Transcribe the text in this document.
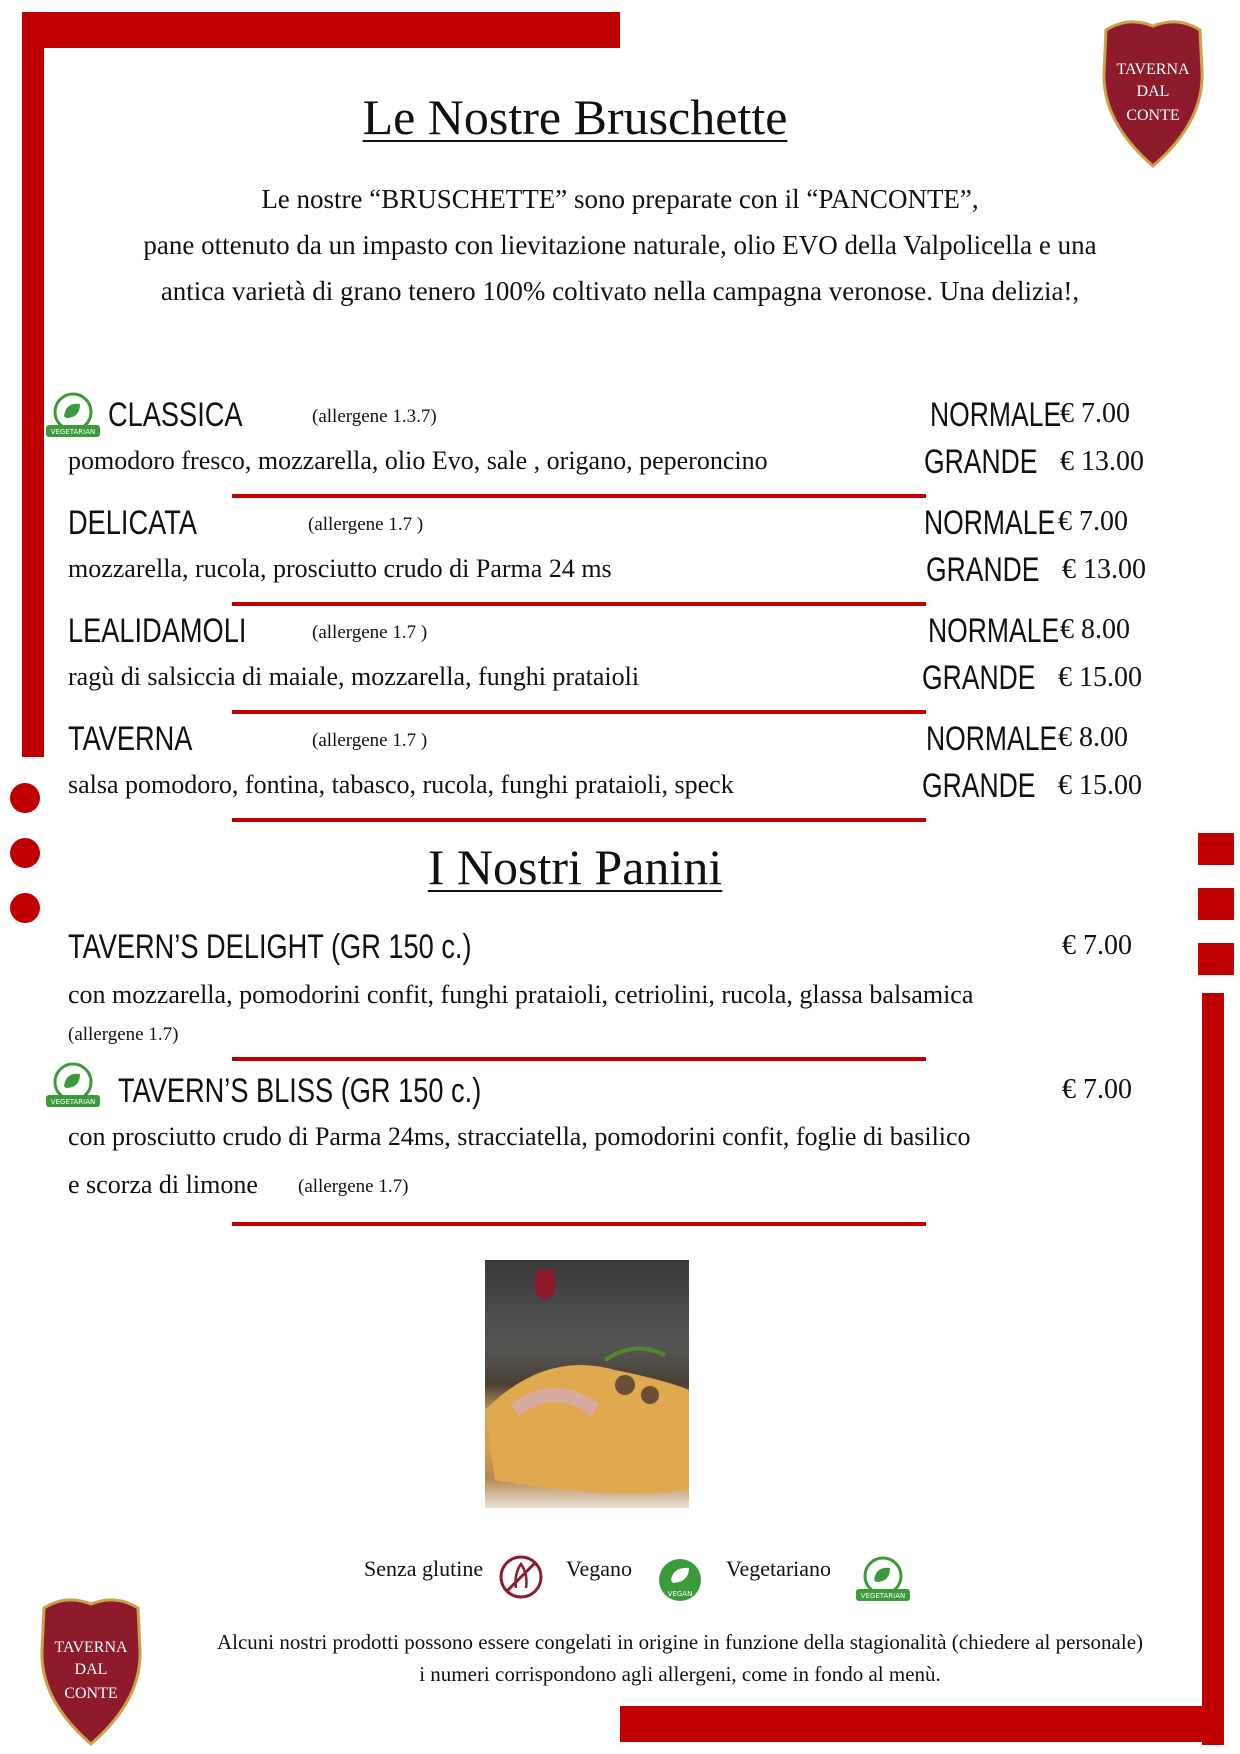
TAVERNA
DAL
CONTE
Le Nostre Bruschette
Le nostre “BRUSCHETTE” sono preparate con il “PANCONTE”,
pane ottenuto da un impasto con lievitazione naturale, olio EVO della Valpolicella e una
antica varietà di grano tenero 100% coltivato nella campagna veronose. Una delizia!,
VEGETARIAN CLASSICA	(allergene 1.3.7)
pomodoro fresco, mozzarella, olio Evo, sale , origano, peperoncino
NORMALE
€ 7.00
GRANDE € 13.00
DELICATA	(allergene 1.7 )
mozzarella, rucola, prosciutto crudo di Parma 24 ms
NORMALE € 7.00
GRANDE € 13.00
LEALIDAMOLI	(allergene 1.7 )
ragù di salsiccia di maiale, mozzarella, funghi prataioli
NORMALE € 8.00
GRANDE € 15.00
TAVERNA	(allergene 1.7 )
salsa pomodoro, fontina, tabasco, rucola, funghi prataioli, speck
NORMALE € 8.00
GRANDE € 15.00
I Nostri Panini
TAVERN’S DELIGHT (GR 150 c.)	€ 7.00
con mozzarella, pomodorini confit, funghi prataioli, cetriolini, rucola, glassa balsamica
(allergene 1.7)
VEGETARIAN TAVERN’S BLISS (GR 150 c.)	€ 7.00
con prosciutto crudo di Parma 24ms, stracciatella, pomodorini confit, foglie di basilico
e scorza di limone (allergene 1.7)
Senza glutine	Vegano
VEGAN
Vegetariano
VEGETARIAN
TAVERNA
DAL
CONTE
Alcuni nostri prodotti possono essere congelati in origine in funzione della stagionalità (chiedere al personale)
i numeri corrispondono agli allergeni, come in fondo al menù.
